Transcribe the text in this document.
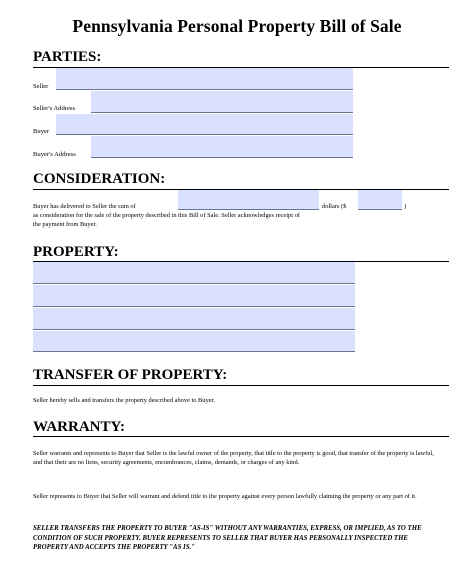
Pennsylvania Personal Property Bill of Sale
PARTIES:
Seller
Seller's Address
Buyer
Buyer's Address
CONSIDERATION:
Buyer has delivered to Seller the sum of	dollars ($	)
as consideration for the sale of the property described in this Bill of Sale. Seller acknowledges receipt of
the payment from Buyer.
PROPERTY:
TRANSFER OF PROPERTY:
Seller hereby sells and transfers the property described above to Buyer.
WARRANTY:
Seller warrants and represents to Buyer that Seller is the lawful owner of the property, that title to the property is good, that transfer of the property is lawful, and that their are no liens, security agreements, encumbrances, claims, demands, or charges of any kind.
Seller represents to Buyer that Seller will warrant and defend title to the property against every person lawfully claiming the property or any part of it.
SELLER TRANSFERS THE PROPERTY TO BUYER "AS-IS" WITHOUT ANY WARRANTIES, EXPRESS, OR IMPLIED, AS TO THE CONDITION OF SUCH PROPERTY. BUYER REPRESENTS TO SELLER THAT BUYER HAS PERSONALLY INSPECTED THE PROPERTY AND ACCEPTS THE PROPERTY "AS IS."
